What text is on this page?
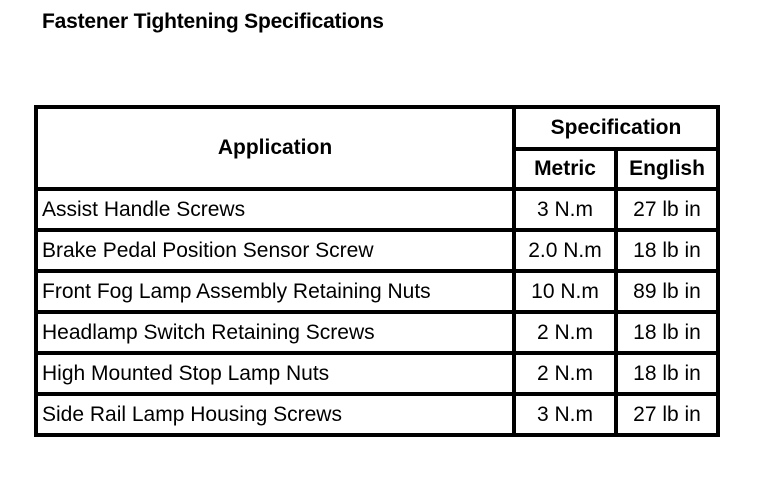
Fastener Tightening Specifications
Application	Specification	
	Metric	English
Assist Handle Screws	3 N.m	27 lb in
Brake Pedal Position Sensor Screw	2.0 N.m	18 lb in
Front Fog Lamp Assembly Retaining Nuts	10 N.m	89 lb in
Headlamp Switch Retaining Screws	2 N.m	18 lb in
High Mounted Stop Lamp Nuts	2 N.m	18 lb in
Side Rail Lamp Housing Screws	3 N.m	27 lb in
